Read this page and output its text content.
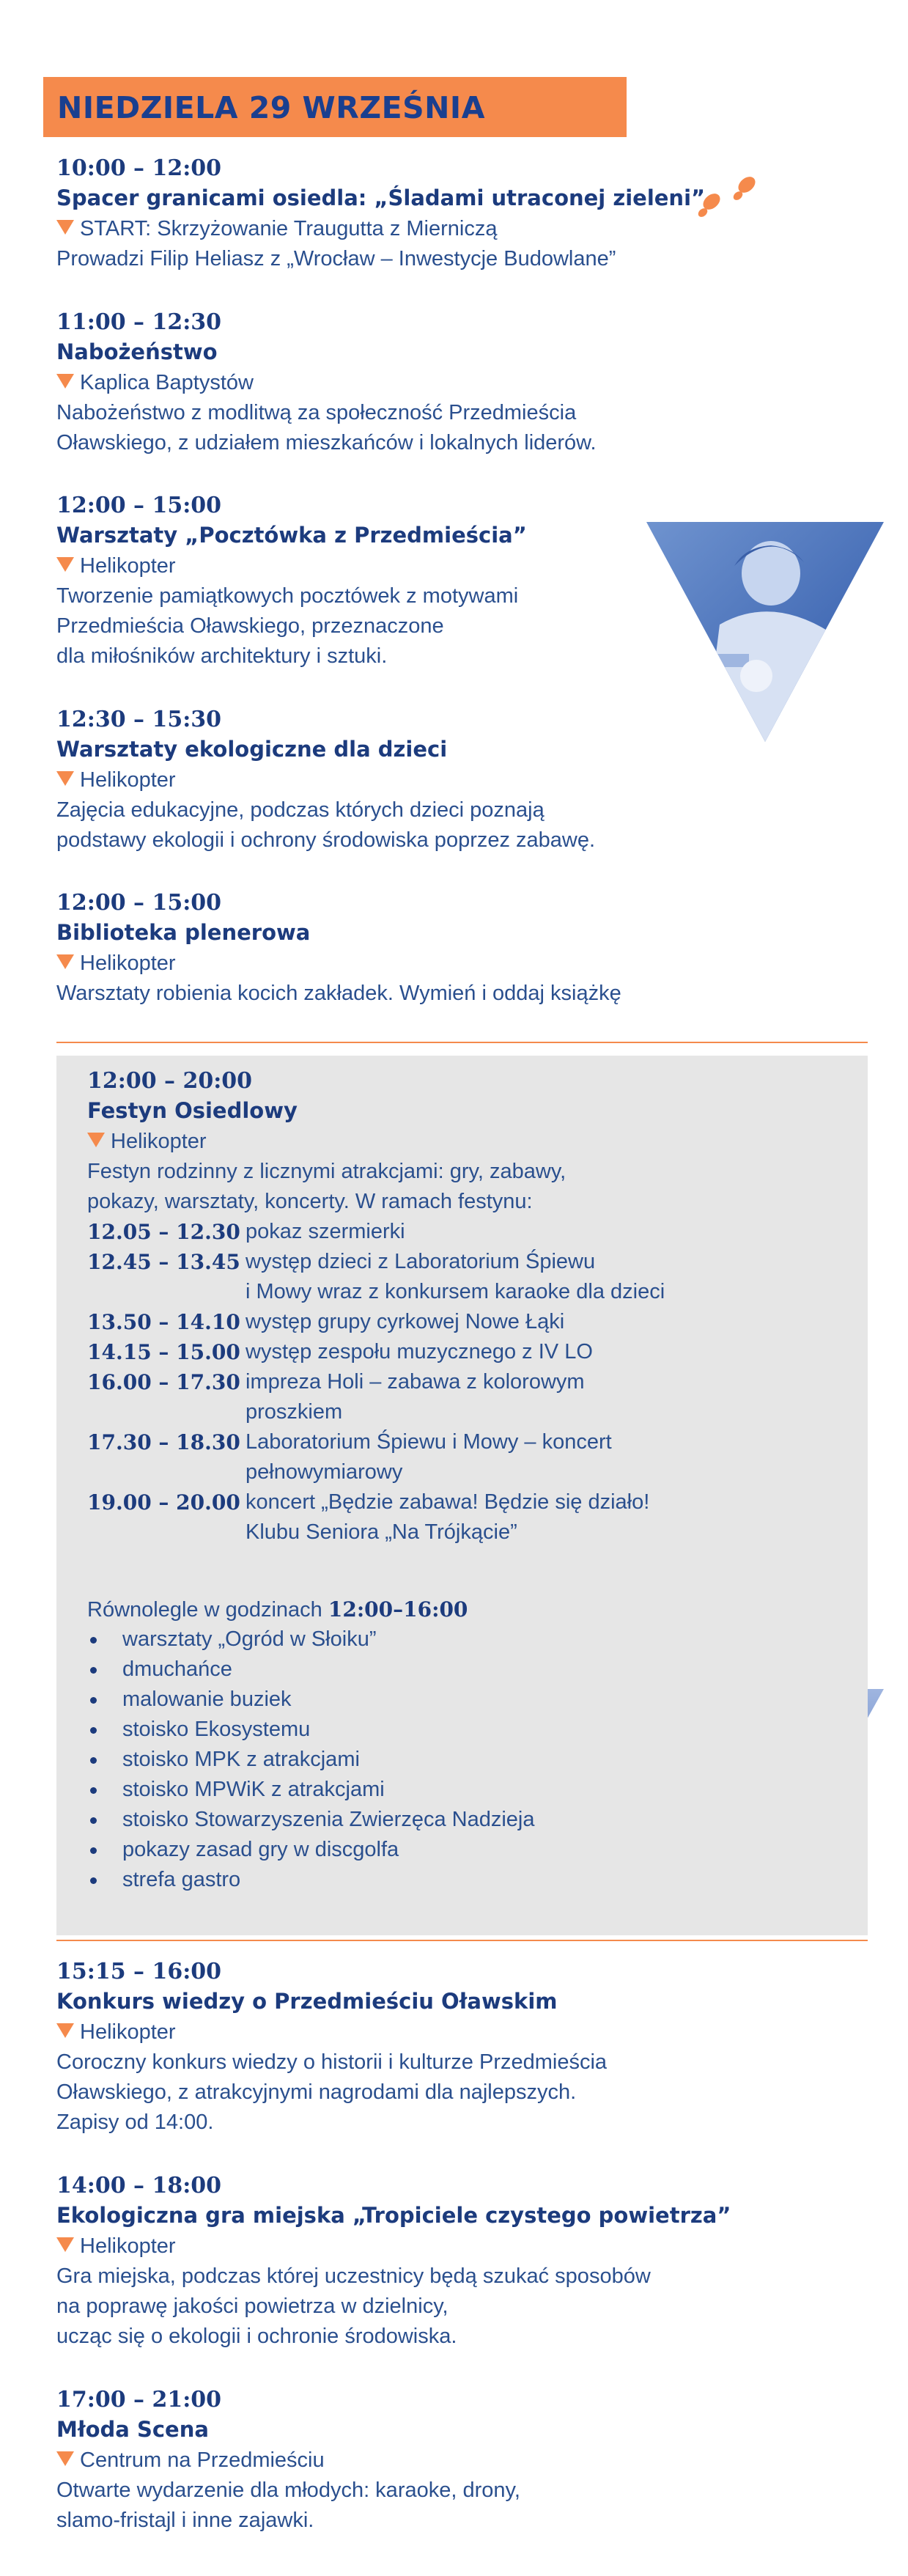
NIEDZIELA 29 WRZEŚNIA
10:00 – 12:00
Spacer granicami osiedla: „Śladami utraconej zieleni”
START: Skrzyżowanie Traugutta z Mierniczą
Prowadzi Filip Heliasz z „Wrocław – Inwestycje Budowlane”
11:00 – 12:30
Nabożeństwo
Kaplica Baptystów
Nabożeństwo z modlitwą za społeczność Przedmieścia
Oławskiego, z udziałem mieszkańców i lokalnych liderów.
12:00 – 15:00
Warsztaty „Pocztówka z Przedmieścia”
Helikopter
Tworzenie pamiątkowych pocztówek z motywami
Przedmieścia Oławskiego, przeznaczone
dla miłośników architektury i sztuki.
12:30 – 15:30
Warsztaty ekologiczne dla dzieci
Helikopter
Zajęcia edukacyjne, podczas których dzieci poznają
podstawy ekologii i ochrony środowiska poprzez zabawę.
12:00 – 15:00
Biblioteka plenerowa
Helikopter
Warsztaty robienia kocich zakładek. Wymień i oddaj książkę
12:00 – 20:00
Festyn Osiedlowy
Helikopter
Festyn rodzinny z licznymi atrakcjami: gry, zabawy,
pokazy, warsztaty, koncerty. W ramach festynu:
12.05 – 12.30 pokaz szermierki
12.45 – 13.45 występ dzieci z Laboratorium Śpiewu
i Mowy wraz z konkursem karaoke dla dzieci
13.50 – 14.10 występ grupy cyrkowej Nowe Łąki
14.15 – 15.00 występ zespołu muzycznego z IV LO
16.00 – 17.30 impreza Holi – zabawa z kolorowym
proszkiem
17.30 – 18.30 Laboratorium Śpiewu i Mowy – koncert
pełnowymiarowy
19.00 – 20.00 koncert „Będzie zabawa! Będzie się działo!
Klubu Seniora „Na Trójkącie”
Równolegle w godzinach 12:00–16:00
warsztaty „Ogród w Słoiku”
dmuchańce
malowanie buziek
stoisko Ekosystemu
stoisko MPK z atrakcjami
stoisko MPWiK z atrakcjami
stoisko Stowarzyszenia Zwierzęca Nadzieja
pokazy zasad gry w discgolfa
strefa gastro
15:15 – 16:00
Konkurs wiedzy o Przedmieściu Oławskim
Helikopter
Coroczny konkurs wiedzy o historii i kulturze Przedmieścia
Oławskiego, z atrakcyjnymi nagrodami dla najlepszych.
Zapisy od 14:00.
14:00 – 18:00
Ekologiczna gra miejska „Tropiciele czystego powietrza”
Helikopter
Gra miejska, podczas której uczestnicy będą szukać sposobów
na poprawę jakości powietrza w dzielnicy,
ucząc się o ekologii i ochronie środowiska.
17:00 – 21:00
Młoda Scena
Centrum na Przedmieściu
Otwarte wydarzenie dla młodych: karaoke, drony,
slamo-fristajl i inne zajawki.
